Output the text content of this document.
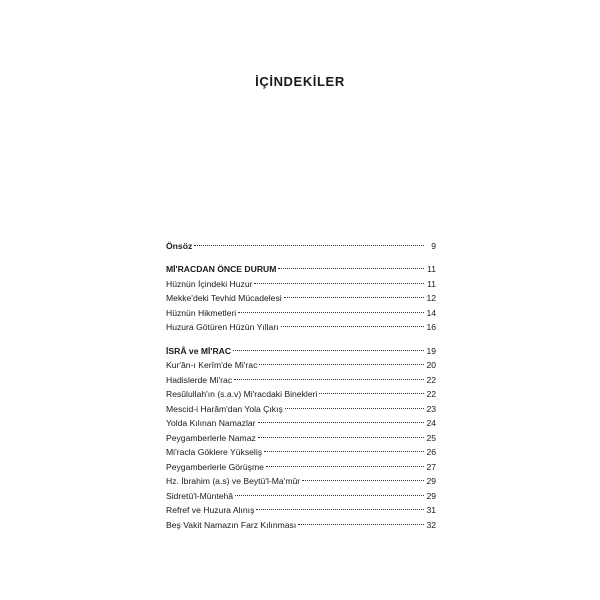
İÇİNDEKİLER
Önsöz	9
Mİ'RACDAN ÖNCE DURUM	11
Hüznün İçindeki Huzur	11
Mekke'deki Tevhid Mücadelesi	12
Hüznün Hikmetleri	14
Huzura Götüren Hüzün Yılları	16
İSRÂ ve Mİ'RAC	19
Kur'ân-ı Kerîm'de Mi'rac	20
Hadislerde Mi'rac	22
Resûlullah'ın (s.a.v) Mi'racdaki Binekleri	22
Mescid-i Harâm'dan Yola Çıkış	23
Yolda Kılınan Namazlar	24
Peygamberlerle Namaz	25
Mi'racla Göklere Yükseliş	26
Peygamberlerle Görüşme	27
Hz. İbrahim (a.s) ve Beytü'l-Ma'mûr	29
Sidretü'l-Müntehâ	29
Refref ve Huzura Alınış	31
Beş Vakit Namazın Farz Kılınması	32
